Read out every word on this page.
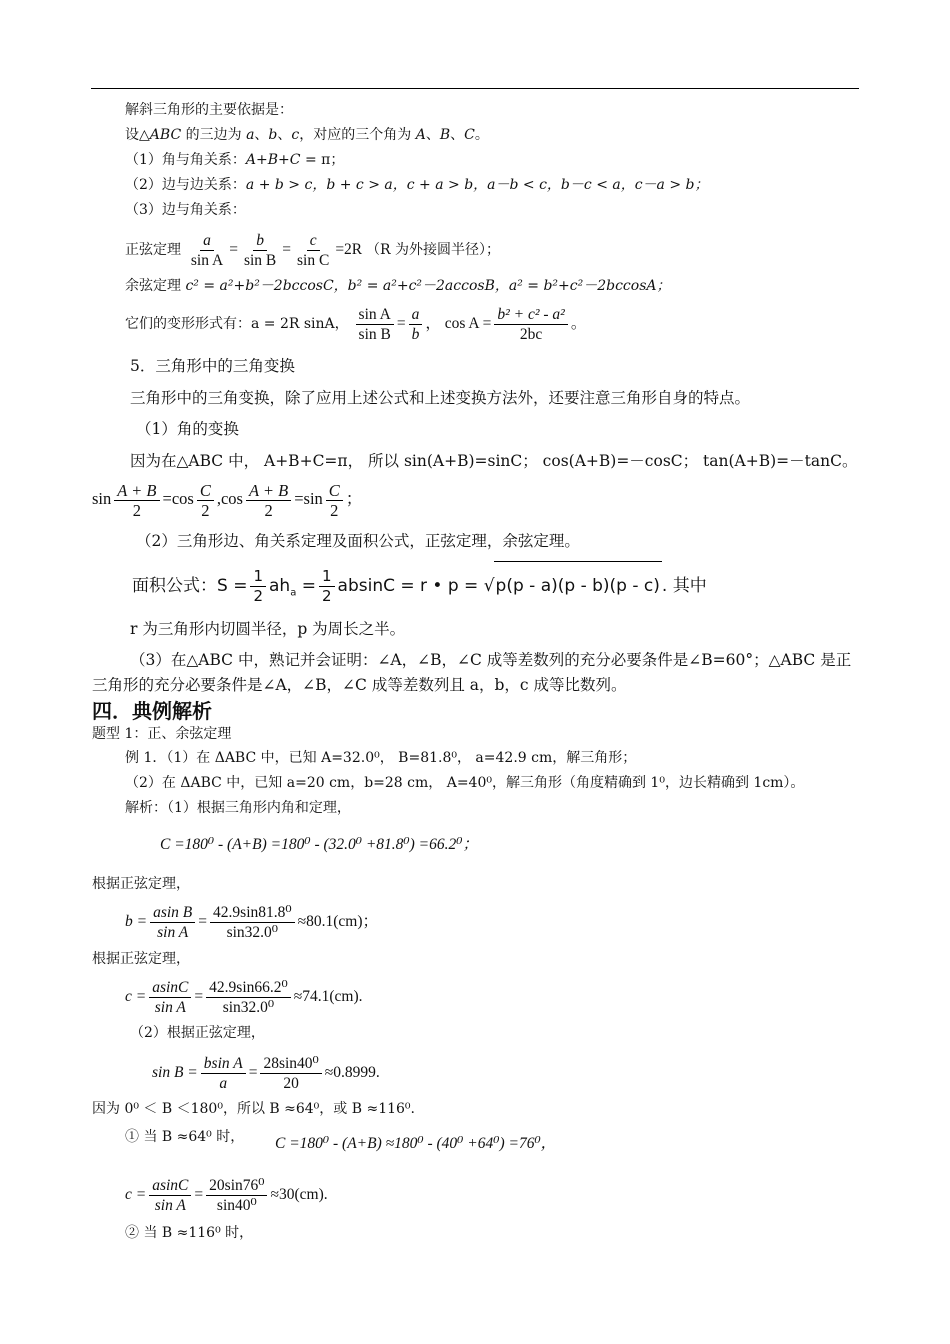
解斜三角形的主要依据是：
设△ABC 的三边为 a、b、c，对应的三个角为 A、B、C。
（1）角与角关系：A+B+C = π；
（2）边与边关系：a + b > c，b + c > a，c + a > b，a－b < c，b－c < a，c－a > b；
（3）边与角关系：
正弦定理 $\frac{a}{\text{sin A}} = \frac{b}{\text{sin B}} = \frac{c}{\text{sin C}} =2R$ （R 为外接圆半径）；
余弦定理 c² = a²+b²－2bccosC，b² = a²+c²－2accosB，a² = b²+c²－2bccosA；
它们的变形形式有：a = 2R sinA， $\frac{\text{sin A}}{\text{sin B}} = \frac{a}{b}$ ， $\cos A = \frac{\text{b² + c² - a²}}{2bc}$ 。
5．三角形中的三角变换
三角形中的三角变换，除了应用上述公式和上述变换方法外，还要注意三角形自身的特点。
（1）角的变换
因为在△ABC 中， A+B+C=π， 所以 sin(A+B)=sinC； cos(A+B)=－cosC； tan(A+B)=－tanC。
$\sin \frac{A + B}{2} =\cos \frac{C}{2} ,\cos \frac{A + B}{2} =\sin \frac{C}{2}$ ；
（2）三角形边、角关系定理及面积公式，正弦定理，余弦定理。
面积公式：$S = \frac{1}{2} ah_a = \frac{1}{2}$ absinC = r • p = √p(p - a)(p - b)(p - c) . 其中
r 为三角形内切圆半径，p 为周长之半。
（3）在△ABC 中，熟记并会证明：∠A，∠B，∠C 成等差数列的充分必要条件是∠B=60°；△ABC 是正
三角形的充分必要条件是∠A，∠B，∠C 成等差数列且 a，b，c 成等比数列。
四．典例解析
题型 1：正、余弦定理
例 1．（1）在 ΔABC 中，已知 A=32.0⁰， B=81.8⁰， a=42.9 cm，解三角形；
（2）在 ΔABC 中，已知 a=20 cm，b=28 cm， A=40⁰，解三角形（角度精确到 1⁰，边长精确到 1cm）。
解析：（1）根据三角形内角和定理，
C =180⁰ - (A+B) =180⁰ - (32.0⁰ +81.8⁰) =66.2⁰；
根据正弦定理，
$b = \frac{\text{asin B}}{\text{sin A}} = \frac{\text{42.9sin81.8⁰}}{\text{sin32.0⁰}} \approx 80.1(cm)$；
根据正弦定理，
$c = \frac{asinC}{\text{sin A}} = \frac{\text{42.9sin66.2⁰}}{\text{sin32.0⁰}} \approx 74.1(cm)$.
（2）根据正弦定理，
$\sin B = \frac{\text{bsin A}}{a} = \frac{\text{28sin40⁰}}{20} \approx 0.8999$.
因为 0⁰ ＜ B ＜180⁰，所以 B ≈64⁰，或 B ≈116⁰.
① 当 B ≈64⁰ 时， C =180⁰ - (A+B) ≈180⁰ - (40⁰ +64⁰) =76⁰，
$c = \frac{asinC}{\text{sin A}} = \frac{\text{20sin76⁰}}{\text{sin40⁰}} \approx 30(cm)$.
② 当 B ≈116⁰ 时，
